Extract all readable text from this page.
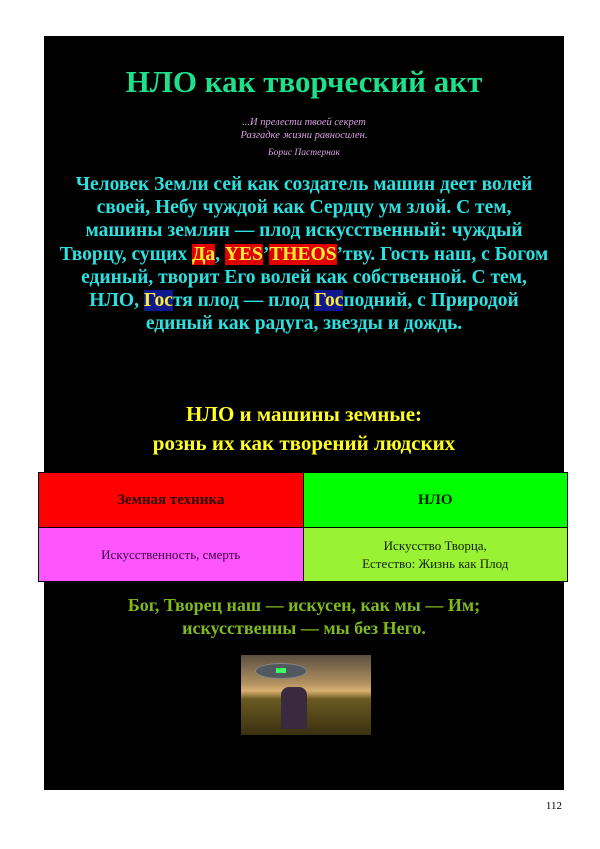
НЛО как творческий акт
...И прелести твоей секрет
Разгадке жизни равносилен.
Борис Пастернак
Человек Земли сей как создатель машин деет волей своей, Небу чуждой как Сердцу ум злой. С тем, машины землян — плод искусственный: чуждый Творцу, сущих Да, YES’THEOS’тву. Гость наш, с Богом единый, творит Его волей как собственной. С тем, НЛО, Гостя плод — плод Господний, с Природой единый как радуга, звезды и дождь.
НЛО и машины земные:
рознь их как творений людских
Земная техника	НЛО
Искусственность, смерть	Искусство Творца,
Естество: Жизнь как Плод
Бог, Творец наш — искусен, как мы — Им;
искусственны — мы без Него.
112
